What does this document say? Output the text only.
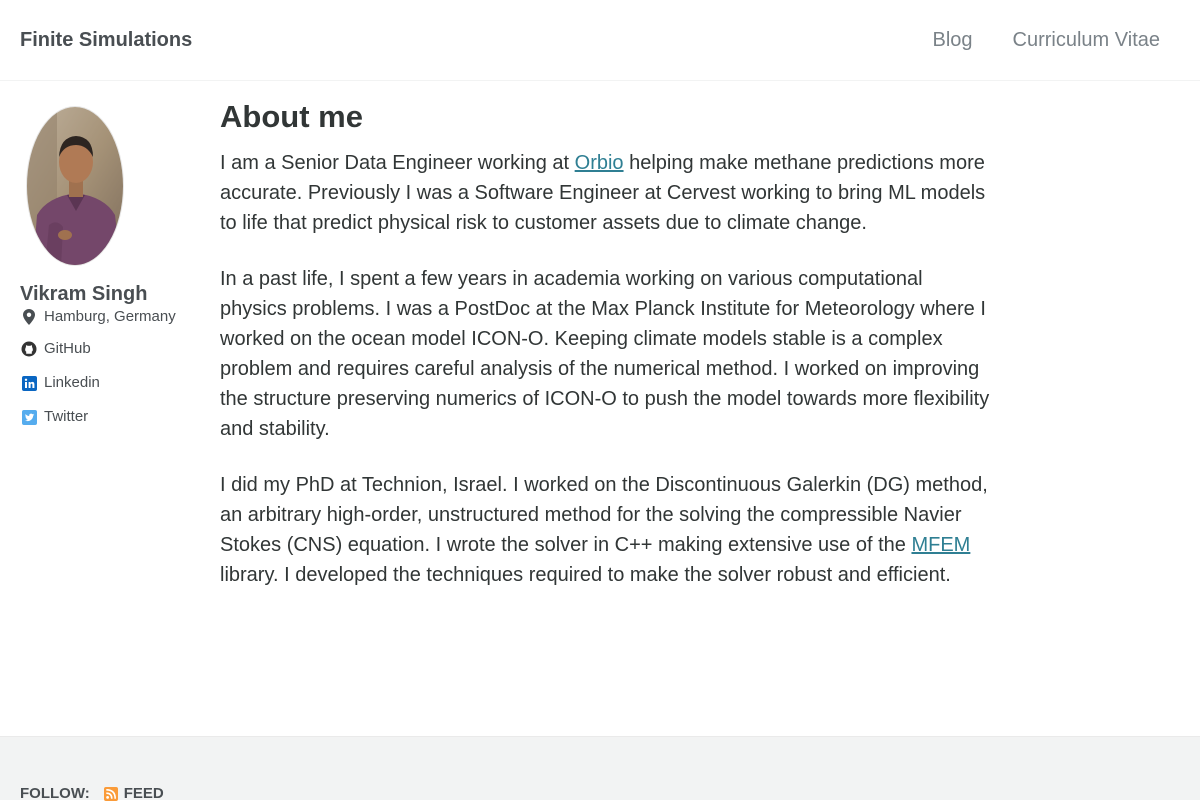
Finite Simulations	Blog Curriculum Vitae
Vikram Singh
Hamburg, Germany
GitHub
Linkedin
Twitter
About me

I am a Senior Data Engineer working at Orbio helping make methane predictions more accurate. Previously I was a Software Engineer at Cervest working to bring ML models to life that predict physical risk to customer assets due to climate change.

In a past life, I spent a few years in academia working on various computational physics problems. I was a PostDoc at the Max Planck Institute for Meteorology where I worked on the ocean model ICON-O. Keeping climate models stable is a complex problem and requires careful analysis of the numerical method. I worked on improving the structure preserving numerics of ICON-O to push the model towards more flexibility and stability.

I did my PhD at Technion, Israel. I worked on the Discontinuous Galerkin (DG) method, an arbitrary high-order, unstructured method for the solving the compressible Navier Stokes (CNS) equation. I wrote the solver in C++ making extensive use of the MFEM library. I developed the techniques required to make the solver robust and efficient.

FOLLOW: FEED
